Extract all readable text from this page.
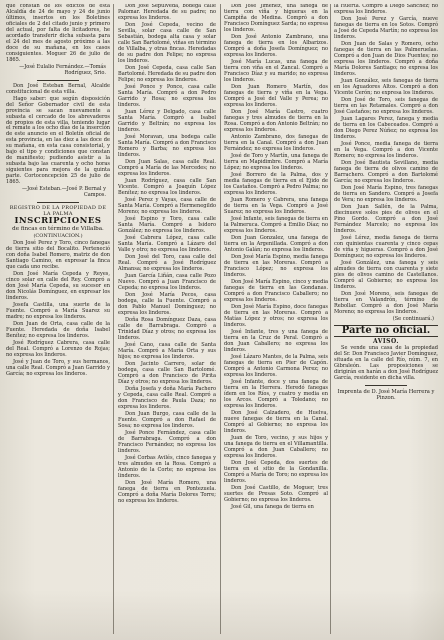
que constan de los edictos de esta Alcaldía de 24 de mayo y 24 de junio últimos, insertos en los Boletines oficiales de 2 del citado junio y primero del actual, por falta de licitadores, he acordado transferir dicha subasta para el 24 del mes de agosto próximo a las doce de su mañana, en los casos consiguientes. Moguer 26 de julio de 1865.

—José Eulalio Fernández.—Tomás Rodríguez, Srio.

Don José Esteban Bernal, Alcalde constitucional de esta villa.

Hago saber: que según disposición del Señor Gobernador civil de esta provincia se sacan nuevamente a subasta el cercado de los abrevaderos de propios de esta villa, teniendo lugar el remate a los ocho días de la inserción de este anuncio en el Boletín oficial de esta provincia, en las diez a las doce de su mañana, en esta casa consistorial, y bajo el tipo y condiciones que constan de manifiesto; pudiendo asistir a la subasta bajo las cuarenta y ocho horas siguientes para mejora de la quinta parte. Cortoconcepción 25 de julio de 1865.

—José Esteban.—José P. Bernal y Campos.

REGISTRO DE LA PROPIEDAD DE LA PALMA

INSCRIPCIONES

de fincas en término de Villalba.

(CONTINUACION.)

Don José Perez y Toro, cinco fanegas de tierra sitio del Bocalito. Perteneció con doña Isabel Romero, matriz de don Santiago Camino, en expresar la finca que cada uno recibe.

Don José María Cepeda y Reyes, cinco solar en calle del Rey. Compró a don José María Cepeda, su sucesor en don Nicolás Domínguez, en expresar los linderos.

Josefa Castilla, una suerte de la Fuente. Compró a María Suarez su madre; no expresa los linderos.

Don Juan de Orta, casa calle de la Fuente. Heredada de doña Isabel Benítez; no expresa los linderos.

José Rodríguez Cabrera, casa calle del Real. Compró a Lorenzo de Rojas; no expresa los linderos.

José y Juan de Toro, y sus hermanos, una calle Real. Compró a Juan Garrido y García; no expresa los linderos.

Don José Sepúlveda, bodega calle Palomar. Heredada de su padre; no expresa los linderos.

Don José Cepeda, vecino de Sevilla, solar casa calle de San Sebastián, bodega alta casa y solar calle San Bartolomé, viñas en término de Villalba, y otras fincas. Heredadas de su padre don Felipe; no expresa los linderos.

Don José Cepeda, casa calle San Bartolomé. Heredada de su padre don Felipe; no expresa los linderos.

José Ponce y Ponce, casa calle Santa María. Compró a don Pedro Garrido y Rosa; no expresa los linderos.

Juan Lérez y Delgado, casa calle Santa María. Compró a Isabel Garrido y Beltrán; no expresa los linderos.

José Moravan, una bodega calle Santa María. Compró a don Francisco Romero y Barba; no expresa los linderos.

Don Juan Salas, casa calle Real. Compró a María de las Mercedes; no expresa los linderos.

Juan Rodríguez, casa calle San Vicente. Compró a Joaquín López Benítez; no expresa los linderos.

José Perez y Vayas, casa calle de Santa María. Compró a Hermenegildo Moreno; no expresa los linderos.

José Espino y Toro, casa calle Santa María. Compró a Isidoro González; no expresa los linderos.

José Cabrera López, casa calle Santa María. Compró a Lázaro del Valle y otro; no expresa los linderos.

Don José del Toro, casa calle del Real. Compró a José Rodríguez Almansa; no expresa los linderos.

Juan García Liñán, casa calle Pozo Nuevo. Compró a Juan Francisco de Cepeda; no expresa los linderos.

Don José María Pecos, casa bodega, calle la Fuente. Compró a don Pablo Manuel Domínguez; no expresa los linderos.

Doña Rosa Domínguez Daza, casa calle de Barrabraga. Compró a Trinidad Díaz y otros; no expresa los linderos.

José Cano, casa calle de Santa María. Compró a María Orta y sus hijos; no expresa los linderos.

Don Jacinto Carrero, solar de bodega, casa calle San Bartolomé. Compró a don Francisco de Pirita Díaz y otros; no expresa los linderos.

Doña Josefa y doña María Pachero y Cepeda, casa calle Real. Compró a don Francisco de Paula Daza; no expresa los linderos.

Don Juan Burgo, casa calle de la Fuente. Compró a don Rafael de Sosa; no expresa los linderos.

José Ponce Fernández, casa calle de Barrabraga. Compró a don Francisco Fernández; no expresa los linderos.

José Corbas Avilés, cinco fanegas y tres almudes en la Rosa. Compró a Antonio de la Corte; no expresa los linderos.

Don José María Romero, una fanega de tierra en Pontezuela. Compró a doña María Dolores Torre; no expresa los linderos.

Don José Jiménez, una fanega de tierra con viña y higueras en la Campiña de Medina. Compró a don Francisco Domínguez Sarda; no expresa los linderos.

Don José Antonio Zambrano, una fanega de tierra en los Albarizos. Compró a doña Josefa Domínguez; no expresa los linderos.

José María Lucas, una fanega de tierra con viña en el Zancal. Compró a Francisco Díaz y su marido; no expresa los linderos.

Don Juan Romero Martín, dos fanegas de tierra y viña en la Vega. Compró a José del Valle y Perea; no expresa los linderos.

Don José María Castro, cuatro fanegas y tres almudes de tierra en la Rosa. Compró a don Antonio Beltrán; no expresa los linderos.

Antonio Zambrano, dos fanegas de tierra en la Canal. Compró a don Juan Fernández; no expresa los linderos.

José de Toro y Martín, una fanega de tierra en Mapidimbre. Compró a María López; no expresa los linderos.

José Borrero de la Palma, dos y media fanegas de tierra en el Ejido de los Castaños. Compró a Pedro Palma; no expresa los linderos.

Juan Romero y Cabrera, una fanega de tierra en la Vega. Compró a José Suarez; no expresa los linderos.

José Infante, seis fanegas de tierra en la Palmeruca. Compró a Emilio Díaz; no expresa los linderos.

Don Juan Gonzalez, una fanega de tierra en la Argenillada. Compró a don Antonio Galán; no expresa los linderos.

Don José María Espino, media fanega de tierra en las Moreras. Compró a Francisco López; no expresa los linderos.

Don José María Espino, cinco y media fanegas de tierra en las Gondanas. Compró a don Francisco Caballero; no expresa los linderos.

Don José María Espino, doce fanegas de tierra en las Moreras. Compró a Matías López y otros; no expresa los linderos.

José Infante, tres y una fanega de tierra en la Cruz de Peral. Compró a don Juan Caballero; no expresa los linderos.

José Lázaro Mantes, de la Palma, seis fanegas de tierra en Pier de Capón. Compró a Antonio Carmona Perez; no expresa los linderos.

José Infante, doce y una fanega de tierra en la Herrera. Heredó fanegas ídem en los Ríos, y cuatro y media en los Arcos. Compró a Toledano; no expresa los linderos.

Don José Calzadero, de Huelva, nueve fanegas de tierra en la Canal. Compró al Gobierno; no expresa los linderos.

Juan de Toro, vecino, y sus hijos y una fanega de tierra en el Villamantilla. Compró a don Juan Caballero; no expresa los linderos.

Don José Cepeda, dos suertes de tierra en el sitio de la Gondanilla. Compró a María de Toro; no expresa los linderos.

Don José Castillo, de Moguer, tres suertes de Presas Soto. Compró al Gobierno; no expresa los linderos.

José Gil, una fanega de tierra en

la Huerta. Compró a Diego Sánchez; no expresa los linderos.

Don José Perez y García, nueve fanegas de tierra en los Sotos. Compró a José de Cepeda Martín; no expresa los linderos.

Don Juan de Salas y Romero, ocho fanegas de tierra en las Palmeruelas. Compró a don Juan de Dios Fuentes; no expresa los linderos. Compró a doña María Dolores Santiago; no expresa los linderos.

Juan González, seis fanegas de tierra en los Aguadores Altos. Compró a don Vicente Cerón; no expresa los linderos.

Don José de Toro, seis fanegas de tierra en las Retamales. Compró a don José Castaños; no expresa los linderos.

Juan Lagares Perez, fanega y media de tierra en los Cabeceados. Compró a don Diego Perez Núñez; no expresa los linderos.

José Ponce, media fanega de tierra en la Vega. Compró a don Vicente Romero; no expresa los linderos.

Don José Bautista Sevillano, media fanega de tierra de olivos camino de Barrachero. Compró a don Bartolomé García; no expresa los linderos.

Don José María Espino, tres fanegas de tierra en Sandero. Compró a Josefa de Vera; no expresa los linderos.

Don Juan Sallén, de la Palma, diecinueve solos pies de olivos en el Pino Gordo. Compró a don José Fernández Marcelo; no expresa los linderos.

José Lérez, media fanega de tierra con quinientas cuarenta y cinco cepas de viña y higueras. Compró a don José Domínguez; no expresa los linderos.

José González, una fanega y seis almudes de tierra con cuarenta y siete pies de olivos camino de Castellanos. Compró al Gobierno; no expresa los linderos.

Don José Moreno, seis fanegas de tierra en Valandrón, término de Rebollar. Compró a don José María Moreno; no expresa los linderos.

(Se continuará.)

Parte no oficial.

AVISO.

Se vende una casa de la propiedad del Sr. Don Francisco Javier Domínguez, situada en la calle del Río, núm. 7, en Gibraleón. Las proposiciones se dirigirán en harán a don José Rodríguez García, residente en dicha villa.

Imprenta de D. José María Herrera y Pinzon.
